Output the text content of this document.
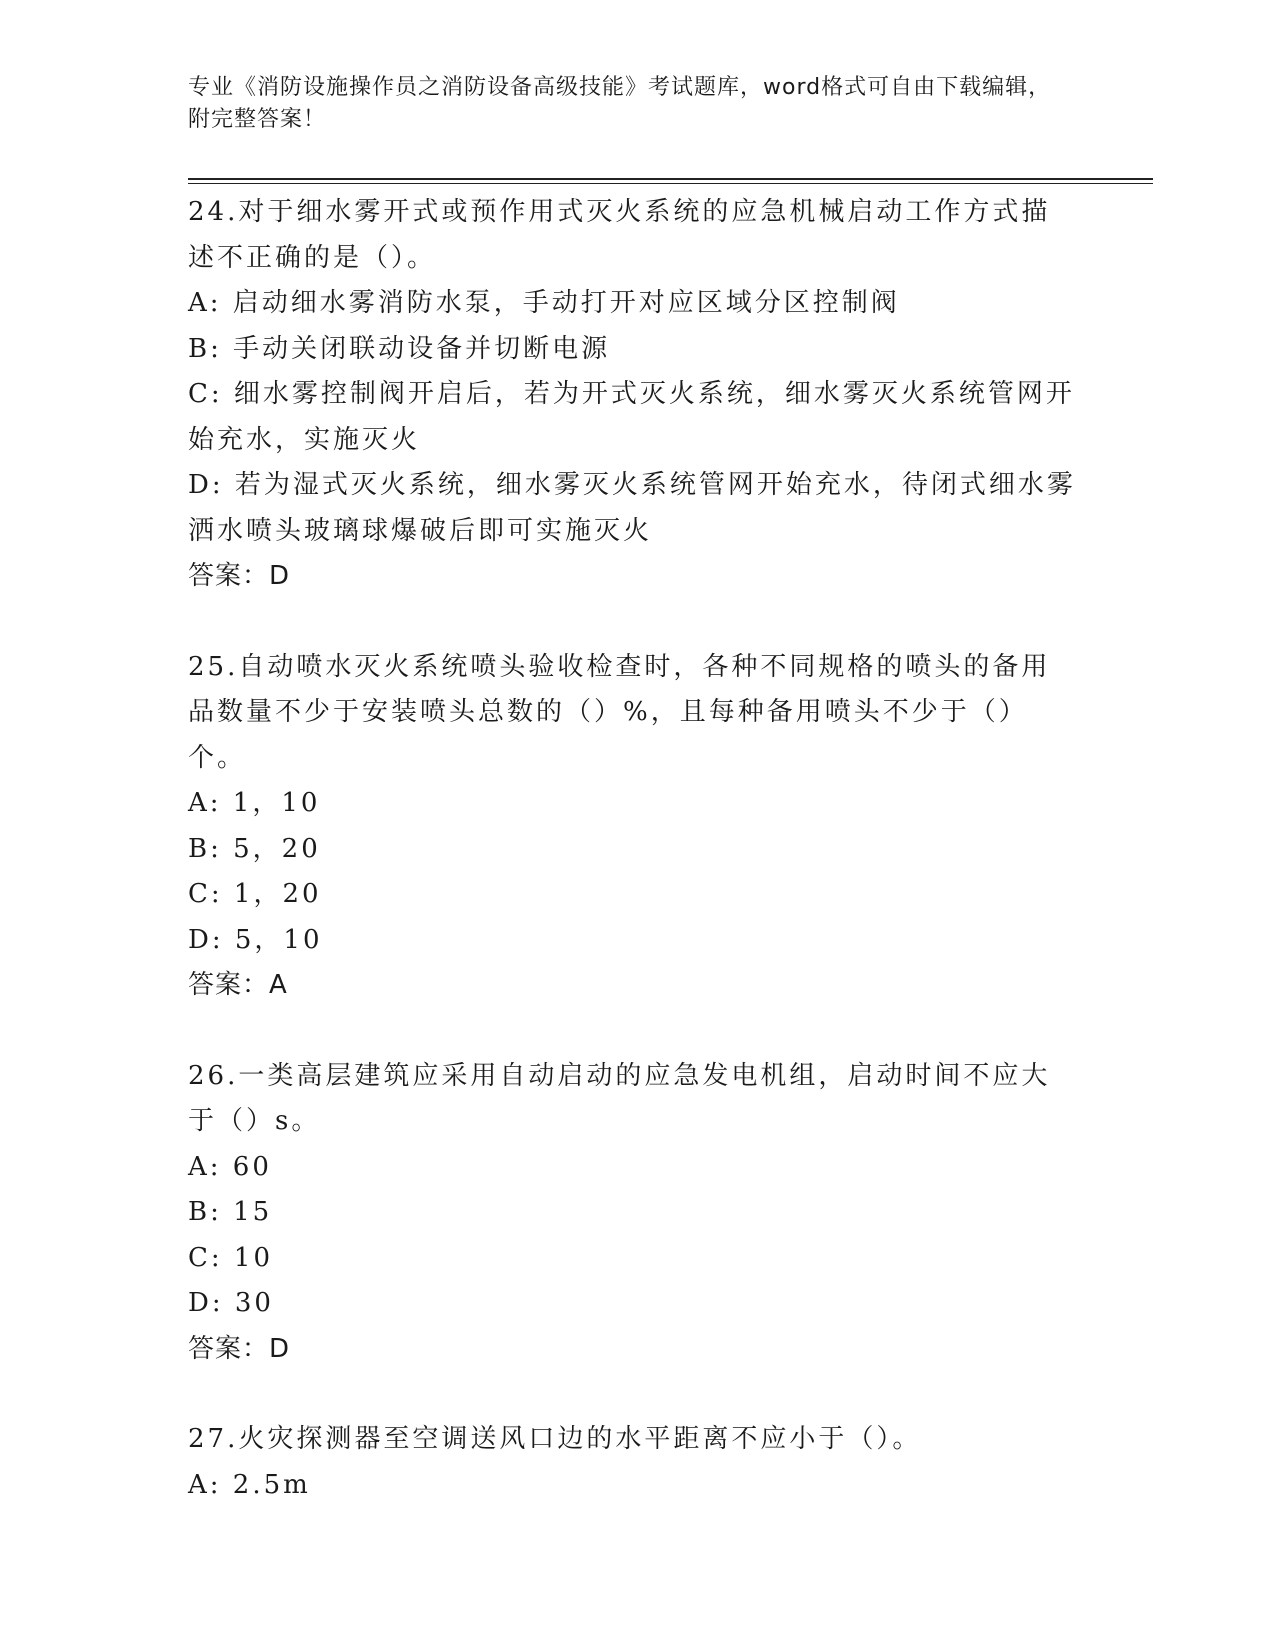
专业《消防设施操作员之消防设备高级技能》考试题库，word格式可自由下载编辑，附完整答案！

24.对于细水雾开式或预作用式灭火系统的应急机械启动工作方式描述不正确的是（）。

A: 启动细水雾消防水泵，手动打开对应区域分区控制阀

B: 手动关闭联动设备并切断电源

C: 细水雾控制阀开启后，若为开式灭火系统，细水雾灭火系统管网开始充水，实施灭火

D: 若为湿式灭火系统，细水雾灭火系统管网开始充水，待闭式细水雾洒水喷头玻璃球爆破后即可实施灭火

答案：D

25.自动喷水灭火系统喷头验收检查时，各种不同规格的喷头的备用品数量不少于安装喷头总数的（）%，且每种备用喷头不少于（）个。

A: 1，10

B: 5，20

C: 1，20

D: 5，10

答案：A

26.一类高层建筑应采用自动启动的应急发电机组，启动时间不应大于（）s。

A: 60

B: 15

C: 10

D: 30

答案：D

27.火灾探测器至空调送风口边的水平距离不应小于（）。

A: 2.5m
